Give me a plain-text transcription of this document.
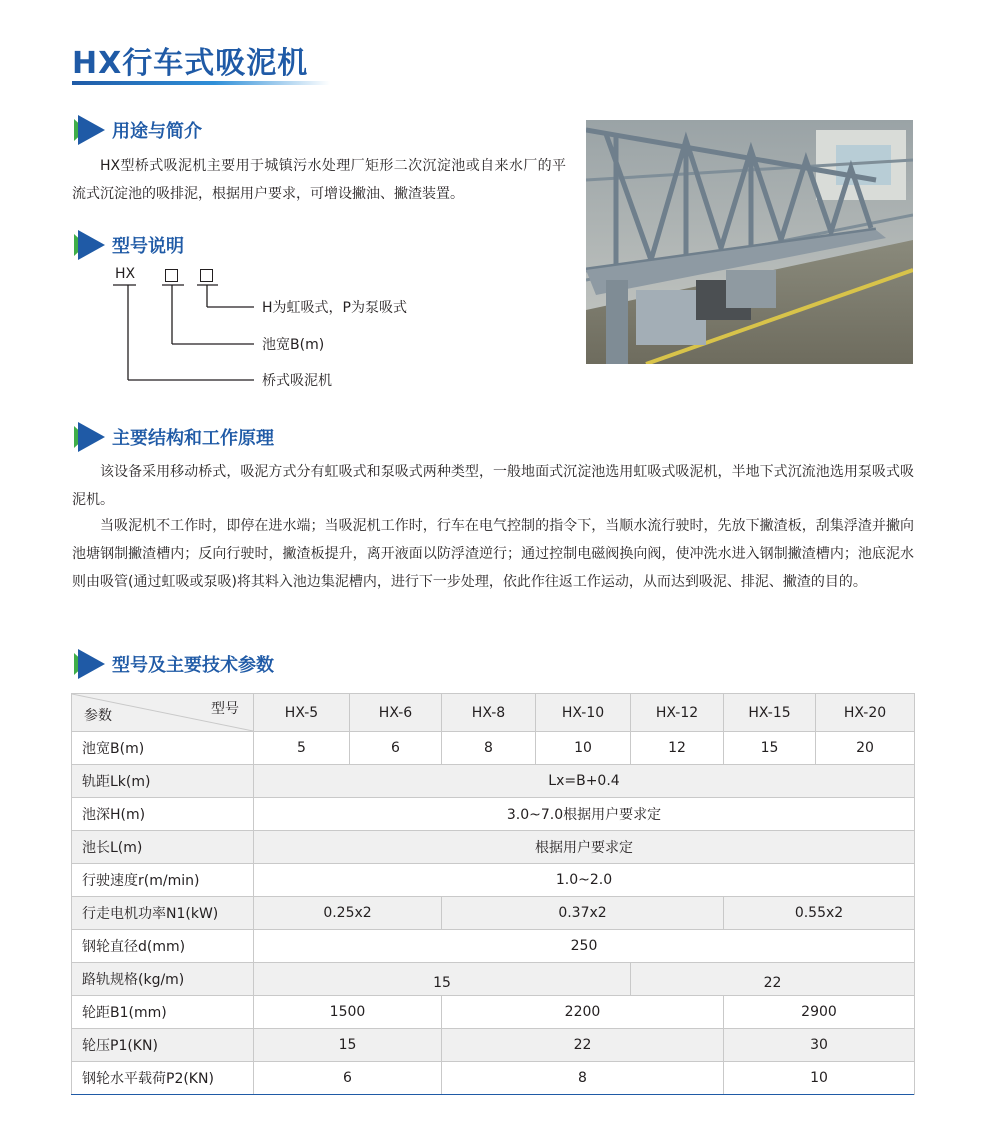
HX行车式吸泥机
用途与简介
HX型桥式吸泥机主要用于城镇污水处理厂矩形二次沉淀池或自来水厂的平流式沉淀池的吸排泥，根据用户要求，可增设撇油、撇渣装置。
型号说明
HX
H为虹吸式，P为泵吸式
池宽B(m)
桥式吸泥机
主要结构和工作原理
该设备采用移动桥式，吸泥方式分有虹吸式和泵吸式两种类型，一般地面式沉淀池选用虹吸式吸泥机，半地下式沉流池选用泵吸式吸泥机。
当吸泥机不工作时，即停在进水端；当吸泥机工作时，行车在电气控制的指令下，当顺水流行驶时，先放下撇渣板，刮集浮渣并撇向池塘钢制撇渣槽内；反向行驶时，撇渣板提升，离开液面以防浮渣逆行；通过控制电磁阀换向阀，使冲洗水进入钢制撇渣槽内；池底泥水则由吸管(通过虹吸或泵吸)将其料入池边集泥槽内，进行下一步处理，依此作往返工作运动，从而达到吸泥、排泥、撇渣的目的。
型号及主要技术参数
型号
参数	HX-5	HX-6	HX-8	HX-10	HX-12	HX-15	HX-20
池宽B(m)	5	6	8	10	12	15	20
轨距Lk(m)	Lx=B+0.4						
池深H(m)	3.0~7.0根据用户要求定						
池长L(m)	根据用户要求定						
行驶速度r(m/min)	1.0~2.0						
行走电机功率N1(kW)	0.25x2		0.37x2			0.55x2	
钢轮直径d(mm)	250						
路轨规格(kg/m)	15				22		
轮距B1(mm)	1500		2200			2900	
轮压P1(KN)	15		22			30	
钢轮水平载荷P2(KN)	6		8			10	
